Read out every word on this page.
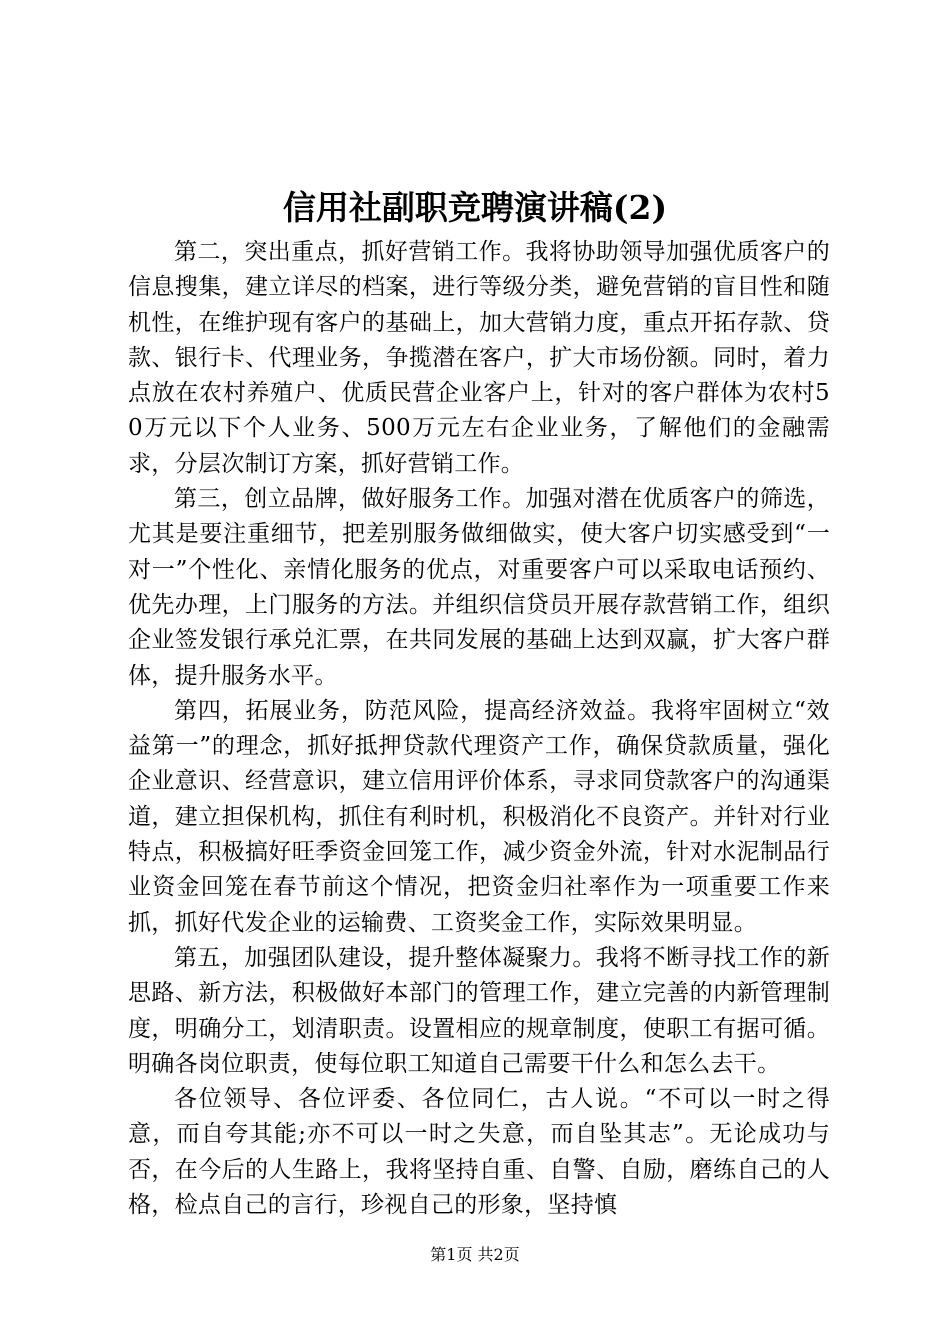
信用社副职竞聘演讲稿(2)

第二，突出重点，抓好营销工作。我将协助领导加强优质客户的信息搜集，建立详尽的档案，进行等级分类，避免营销的盲目性和随机性，在维护现有客户的基础上，加大营销力度，重点开拓存款、贷款、银行卡、代理业务，争揽潜在客户，扩大市场份额。同时，着力点放在农村养殖户、优质民营企业客户上，针对的客户群体为农村50万元以下个人业务、500万元左右企业业务，了解他们的金融需求，分层次制订方案，抓好营销工作。

第三，创立品牌，做好服务工作。加强对潜在优质客户的筛选，尤其是要注重细节，把差别服务做细做实，使大客户切实感受到“一对一”个性化、亲情化服务的优点，对重要客户可以采取电话预约、优先办理，上门服务的方法。并组织信贷员开展存款营销工作，组织企业签发银行承兑汇票，在共同发展的基础上达到双赢，扩大客户群体，提升服务水平。

第四，拓展业务，防范风险，提高经济效益。我将牢固树立“效益第一”的理念，抓好抵押贷款代理资产工作，确保贷款质量，强化企业意识、经营意识，建立信用评价体系，寻求同贷款客户的沟通渠道，建立担保机构，抓住有利时机，积极消化不良资产。并针对行业特点，积极搞好旺季资金回笼工作，减少资金外流，针对水泥制品行业资金回笼在春节前这个情况，把资金归社率作为一项重要工作来抓，抓好代发企业的运输费、工资奖金工作，实际效果明显。

第五，加强团队建设，提升整体凝聚力。我将不断寻找工作的新思路、新方法，积极做好本部门的管理工作，建立完善的内新管理制度，明确分工，划清职责。设置相应的规章制度，使职工有据可循。明确各岗位职责，使每位职工知道自己需要干什么和怎么去干。

各位领导、各位评委、各位同仁，古人说。“不可以一时之得意，而自夸其能;亦不可以一时之失意，而自坠其志”。无论成功与否，在今后的人生路上，我将坚持自重、自警、自励，磨练自己的人格，检点自己的言行，珍视自己的形象，坚持慎

第1页 共2页
